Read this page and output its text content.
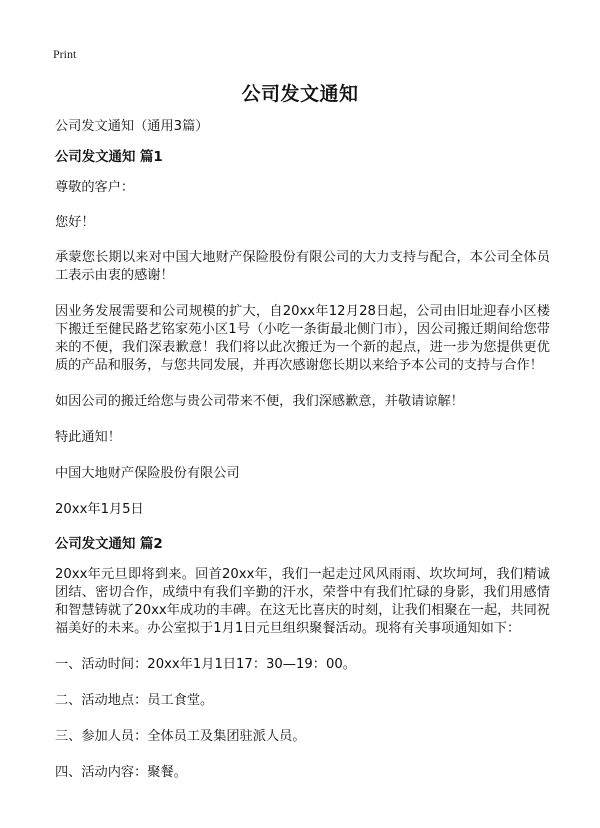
Print
公司发文通知

公司发文通知（通用3篇）

公司发文通知 篇1

尊敬的客户：

您好！

承蒙您长期以来对中国大地财产保险股份有限公司的大力支持与配合，本公司全体员工表示由衷的感谢！

因业务发展需要和公司规模的扩大，自20xx年12月28日起，公司由旧址迎春小区楼下搬迁至健民路艺铭家苑小区1号（小吃一条街最北侧门市），因公司搬迁期间给您带来的不便，我们深表歉意！我们将以此次搬迁为一个新的起点，进一步为您提供更优质的产品和服务，与您共同发展，并再次感谢您长期以来给予本公司的支持与合作！

如因公司的搬迁给您与贵公司带来不便，我们深感歉意，并敬请谅解！

特此通知！

中国大地财产保险股份有限公司

20xx年1月5日

公司发文通知 篇2

20xx年元旦即将到来。回首20xx年，我们一起走过风风雨雨、坎坎坷坷，我们精诚团结、密切合作，成绩中有我们辛勤的汗水，荣誉中有我们忙碌的身影，我们用感情和智慧铸就了20xx年成功的丰碑。在这无比喜庆的时刻，让我们相聚在一起，共同祝福美好的未来。办公室拟于1月1日元旦组织聚餐活动。现将有关事项通知如下：

一、活动时间：20xx年1月1日17：30—19：00。

二、活动地点：员工食堂。

三、参加人员：全体员工及集团驻派人员。

四、活动内容：聚餐。
